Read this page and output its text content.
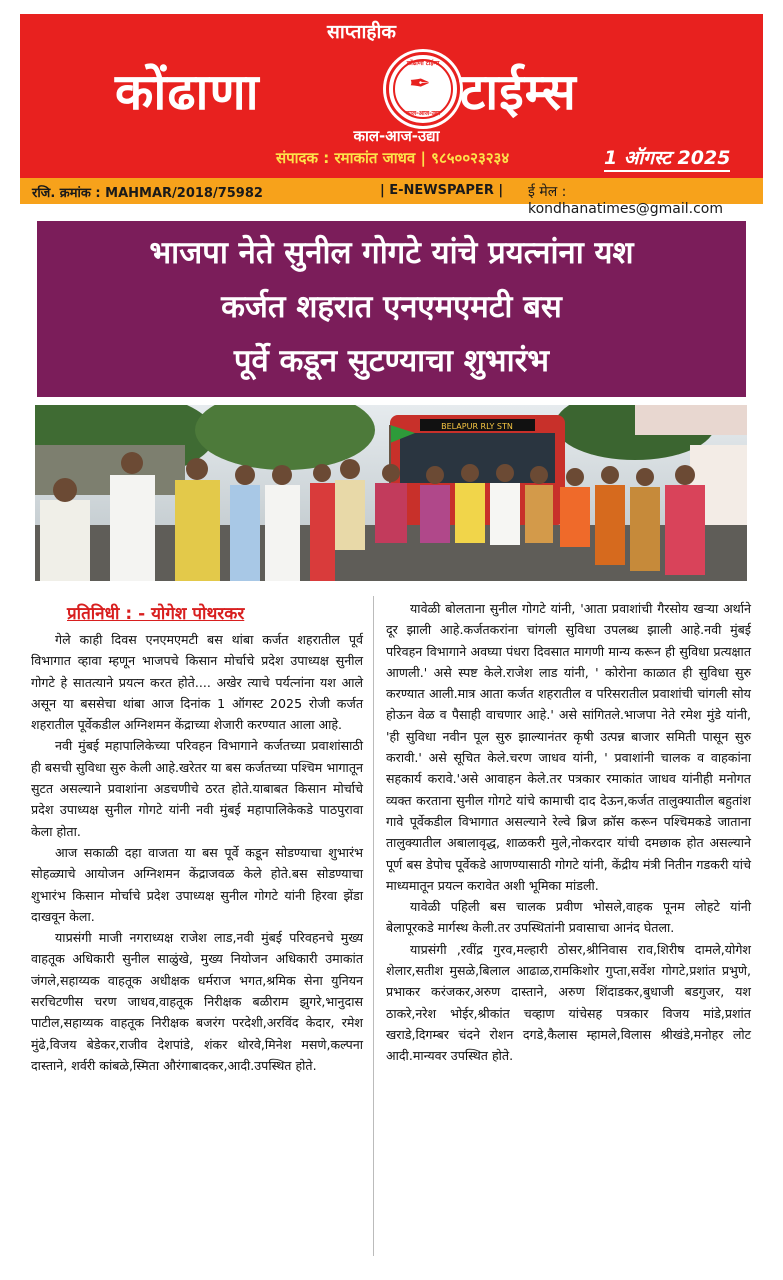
साप्ताहीक
कोंढाणा	कोंढाणा टाईम्स
✒
काल-आज-उद्या टाईम्स
काल-आज-उद्या
संपादक : रमाकांत जाधव | ९८५००२३२३४	1 ऑगस्ट 2025
रजि. क्रमांक : MAHMAR/2018/75982	| E-NEWSPAPER | ई मेल : kondhanatimes@gmail.com
भाजपा नेते सुनील गोगटे यांचे प्रयत्नांना यश
कर्जत शहरात एनएमएमटी बस
पूर्वे कडून सुटण्याचा शुभारंभ
BELAPUR RLY STN
प्रतिनिधी : - योगेश पोथरकर

गेले काही दिवस एनएमएमटी बस थांबा कर्जत शहरातील पूर्व विभागात व्हावा म्हणून भाजपचे किसान मोर्चाचे प्रदेश उपाध्यक्ष सुनील गोगटे हे सातत्याने प्रयत्न करत होते.... अखेर त्याचे पर्यत्नांना यश आले असून या बससेचा थांबा आज दिनांक 1 ऑगस्ट 2025 रोजी कर्जत शहरातील पूर्वेकडील अग्निशमन केंद्राच्या शेजारी करण्यात आला आहे.

नवी मुंबई महापालिकेच्या परिवहन विभागाने कर्जतच्या प्रवाशांसाठी ही बसची सुविधा सुरु केली आहे.खरेतर या बस कर्जतच्या पश्चिम भागातून सुटत असल्याने प्रवाशांना अडचणीचे ठरत होते.याबाबत किसान मोर्चाचे प्रदेश उपाध्यक्ष सुनील गोगटे यांनी नवी मुंबई महापालिकेकडे पाठपुरावा केला होता.

आज सकाळी दहा वाजता या बस पूर्वे कडून सोडण्याचा शुभारंभ सोहळ्याचे आयोजन अग्निशमन केंद्राजवळ केले होते.बस सोडण्याचा शुभारंभ किसान मोर्चाचे प्रदेश उपाध्यक्ष सुनील गोगटे यांनी हिरवा झेंडा दाखवून केला.

याप्रसंगी माजी नगराध्यक्ष राजेश लाड,नवी मुंबई परिवहनचे मुख्य वाहतूक अधिकारी सुनील साळुंखे, मुख्य नियोजन अधिकारी उमाकांत जंगले,सहाय्यक वाहतूक अधीक्षक धर्मराज भगत,श्रमिक सेना युनियन सरचिटणीस चरण जाधव,वाहतूक निरीक्षक बळीराम झुगरे,भानुदास पाटील,सहाय्यक वाहतूक निरीक्षक बजरंग परदेशी,अरविंद केदार, रमेश मुंढे,विजय बेडेकर,राजीव देशपांडे, शंकर थोरवे,मिनेश मसणे,कल्पना दास्ताने, शर्वरी कांबळे,स्मिता औरंगाबादकर,आदी.उपस्थित होते.

यावेळी बोलताना सुनील गोगटे यांनी, 'आता प्रवाशांची गैरसोय खऱ्या अर्थाने दूर झाली आहे.कर्जतकरांना चांगली सुविधा उपलब्ध झाली आहे.नवी मुंबई परिवहन विभागाने अवघ्या पंधरा दिवसात मागणी मान्य करून ही सुविधा प्रत्यक्षात आणली.' असे स्पष्ट केले.राजेश लाड यांनी, ' कोरोना काळात ही सुविधा सुरु करण्यात आली.मात्र आता कर्जत शहरातील व परिसरातील प्रवाशांची चांगली सोय होऊन वेळ व पैसाही वाचणार आहे.' असे सांगितले.भाजपा नेते रमेश मुंडे यांनी, 'ही सुविधा नवीन पूल सुरु झाल्यानंतर कृषी उत्पन्न बाजार समिती पासून सुरु करावी.' असे सूचित केले.चरण जाधव यांनी, ' प्रवाशांनी चालक व वाहकांना सहकार्य करावे.'असे आवाहन केले.तर पत्रकार रमाकांत जाधव यांनीही मनोगत व्यक्त करताना सुनील गोगटे यांचे कामाची दाद देऊन,कर्जत तालुक्यातील बहुतांश गावे पूर्वेकडील विभागात असल्याने रेल्वे ब्रिज क्रॉस करून पश्चिमकडे जाताना तालुक्यातील अबालावृद्ध, शाळकरी मुले,नोकरदार यांची दमछाक होत असल्याने पूर्ण बस डेपोच पूर्वेकडे आणण्यासाठी गोगटे यांनी, केंद्रीय मंत्री नितीन गडकरी यांचे माध्यमातून प्रयत्न करावेत अशी भूमिका मांडली.

यावेळी पहिली बस चालक प्रवीण भोसले,वाहक पूनम लोहटे यांनी बेलापूरकडे मार्गस्थ केली.तर उपस्थितांनी प्रवासाचा आनंद घेतला.

याप्रसंगी ,रवींद्र गुरव,मल्हारी ठोसर,श्रीनिवास राव,शिरीष दामले,योगेश शेलार,सतीश मुसळे,बिलाल आढाळ,रामकिशोर गुप्ता,सर्वेश गोगटे,प्रशांत प्रभुणे, प्रभाकर करंजकर,अरुण दास्ताने, अरुण शिंदाडकर,बुधाजी बडगुजर, यश ठाकरे,नरेश भोईर,श्रीकांत चव्हाण यांचेसह पत्रकार विजय मांडे,प्रशांत खराडे,दिगम्बर चंदने रोशन दगडे,कैलास म्हामले,विलास श्रीखंडे,मनोहर लोट आदी.मान्यवर उपस्थित होते.
